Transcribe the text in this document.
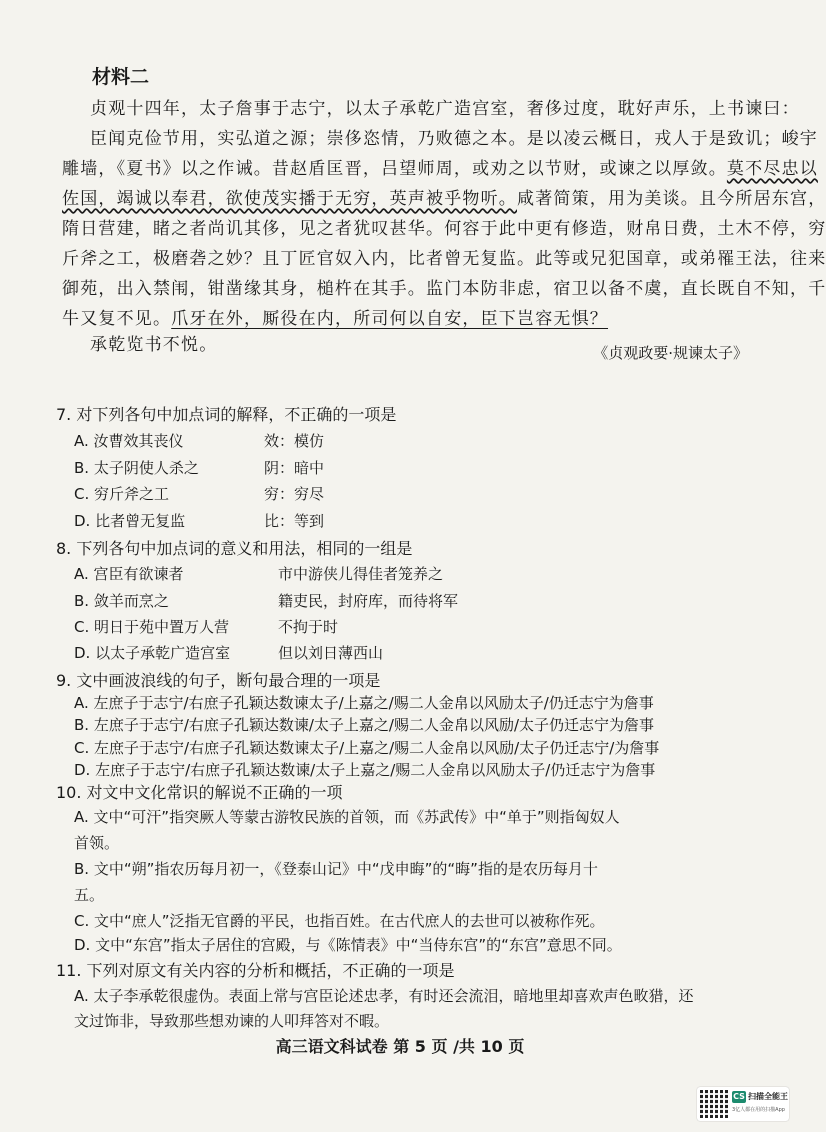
材料二
贞观十四年，太子詹事于志宁，以太子承乾广造宫室，奢侈过度，耽好声乐，上书谏曰：
臣闻克俭节用，实弘道之源；崇侈恣情，乃败德之本。是以凌云概日，戎人于是致讥；峻宇
雕墙，《夏书》以之作诫。昔赵盾匡晋，吕望师周，或劝之以节财，或谏之以厚敛。莫不尽忠以
佐国，竭诚以奉君，欲使茂实播于无穷，英声被乎物听。咸著简策，用为美谈。且今所居东宫，
隋日营建，睹之者尚讥其侈，见之者犹叹甚华。何容于此中更有修造，财帛日费，土木不停，穷
斤斧之工，极磨砻之妙？且丁匠官奴入内，比者曾无复监。此等或兄犯国章，或弟罹王法，往来
御苑，出入禁闱，钳凿缘其身，槌杵在其手。监门本防非虑，宿卫以备不虞，直长既自不知，千
牛又复不见。爪牙在外，厮役在内，所司何以自安，臣下岂容无惧？
承乾览书不悦。	《贞观政要·规谏太子》
7. 对下列各句中加点词的解释，不正确的一项是
A. 汝曹效其丧仪	效：模仿
B. 太子阴使人杀之	阴：暗中
C. 穷斤斧之工	穷：穷尽
D. 比者曾无复监	比：等到
8. 下列各句中加点词的意义和用法，相同的一组是
A. 宫臣有欲谏者	市中游侠儿得佳者笼养之
B. 敛羊而烹之	籍吏民，封府库，而待将军
C. 明日于苑中置万人营	不拘于时
D. 以太子承乾广造宫室	但以刘日薄西山
9. 文中画波浪线的句子，断句最合理的一项是
A. 左庶子于志宁/右庶子孔颖达数谏太子/上嘉之/赐二人金帛以风励太子/仍迁志宁为詹事
B. 左庶子于志宁/右庶子孔颖达数谏/太子上嘉之/赐二人金帛以风励/太子仍迁志宁为詹事
C. 左庶子于志宁/右庶子孔颖达数谏太子/上嘉之/赐二人金帛以风励/太子仍迁志宁/为詹事
D. 左庶子于志宁/右庶子孔颖达数谏/太子上嘉之/赐二人金帛以风励太子/仍迁志宁为詹事
10. 对文中文化常识的解说不正确的一项
A. 文中“可汗”指突厥人等蒙古游牧民族的首领，而《苏武传》中“单于”则指匈奴人
首领。
B. 文中“朔”指农历每月初一，《登泰山记》中“戊申晦”的“晦”指的是农历每月十
五。
C. 文中“庶人”泛指无官爵的平民，也指百姓。在古代庶人的去世可以被称作死。
D. 文中“东宫”指太子居住的宫殿，与《陈情表》中“当侍东宫”的“东宫”意思不同。
11. 下列对原文有关内容的分析和概括，不正确的一项是
A. 太子李承乾很虚伪。表面上常与宫臣论述忠孝，有时还会流泪，暗地里却喜欢声色畋猎，还
文过饰非，导致那些想劝谏的人叩拜答对不暇。
高三语文科试卷 第 5 页 /共 10 页
CS 扫描全能王
3亿人都在用的扫描App
